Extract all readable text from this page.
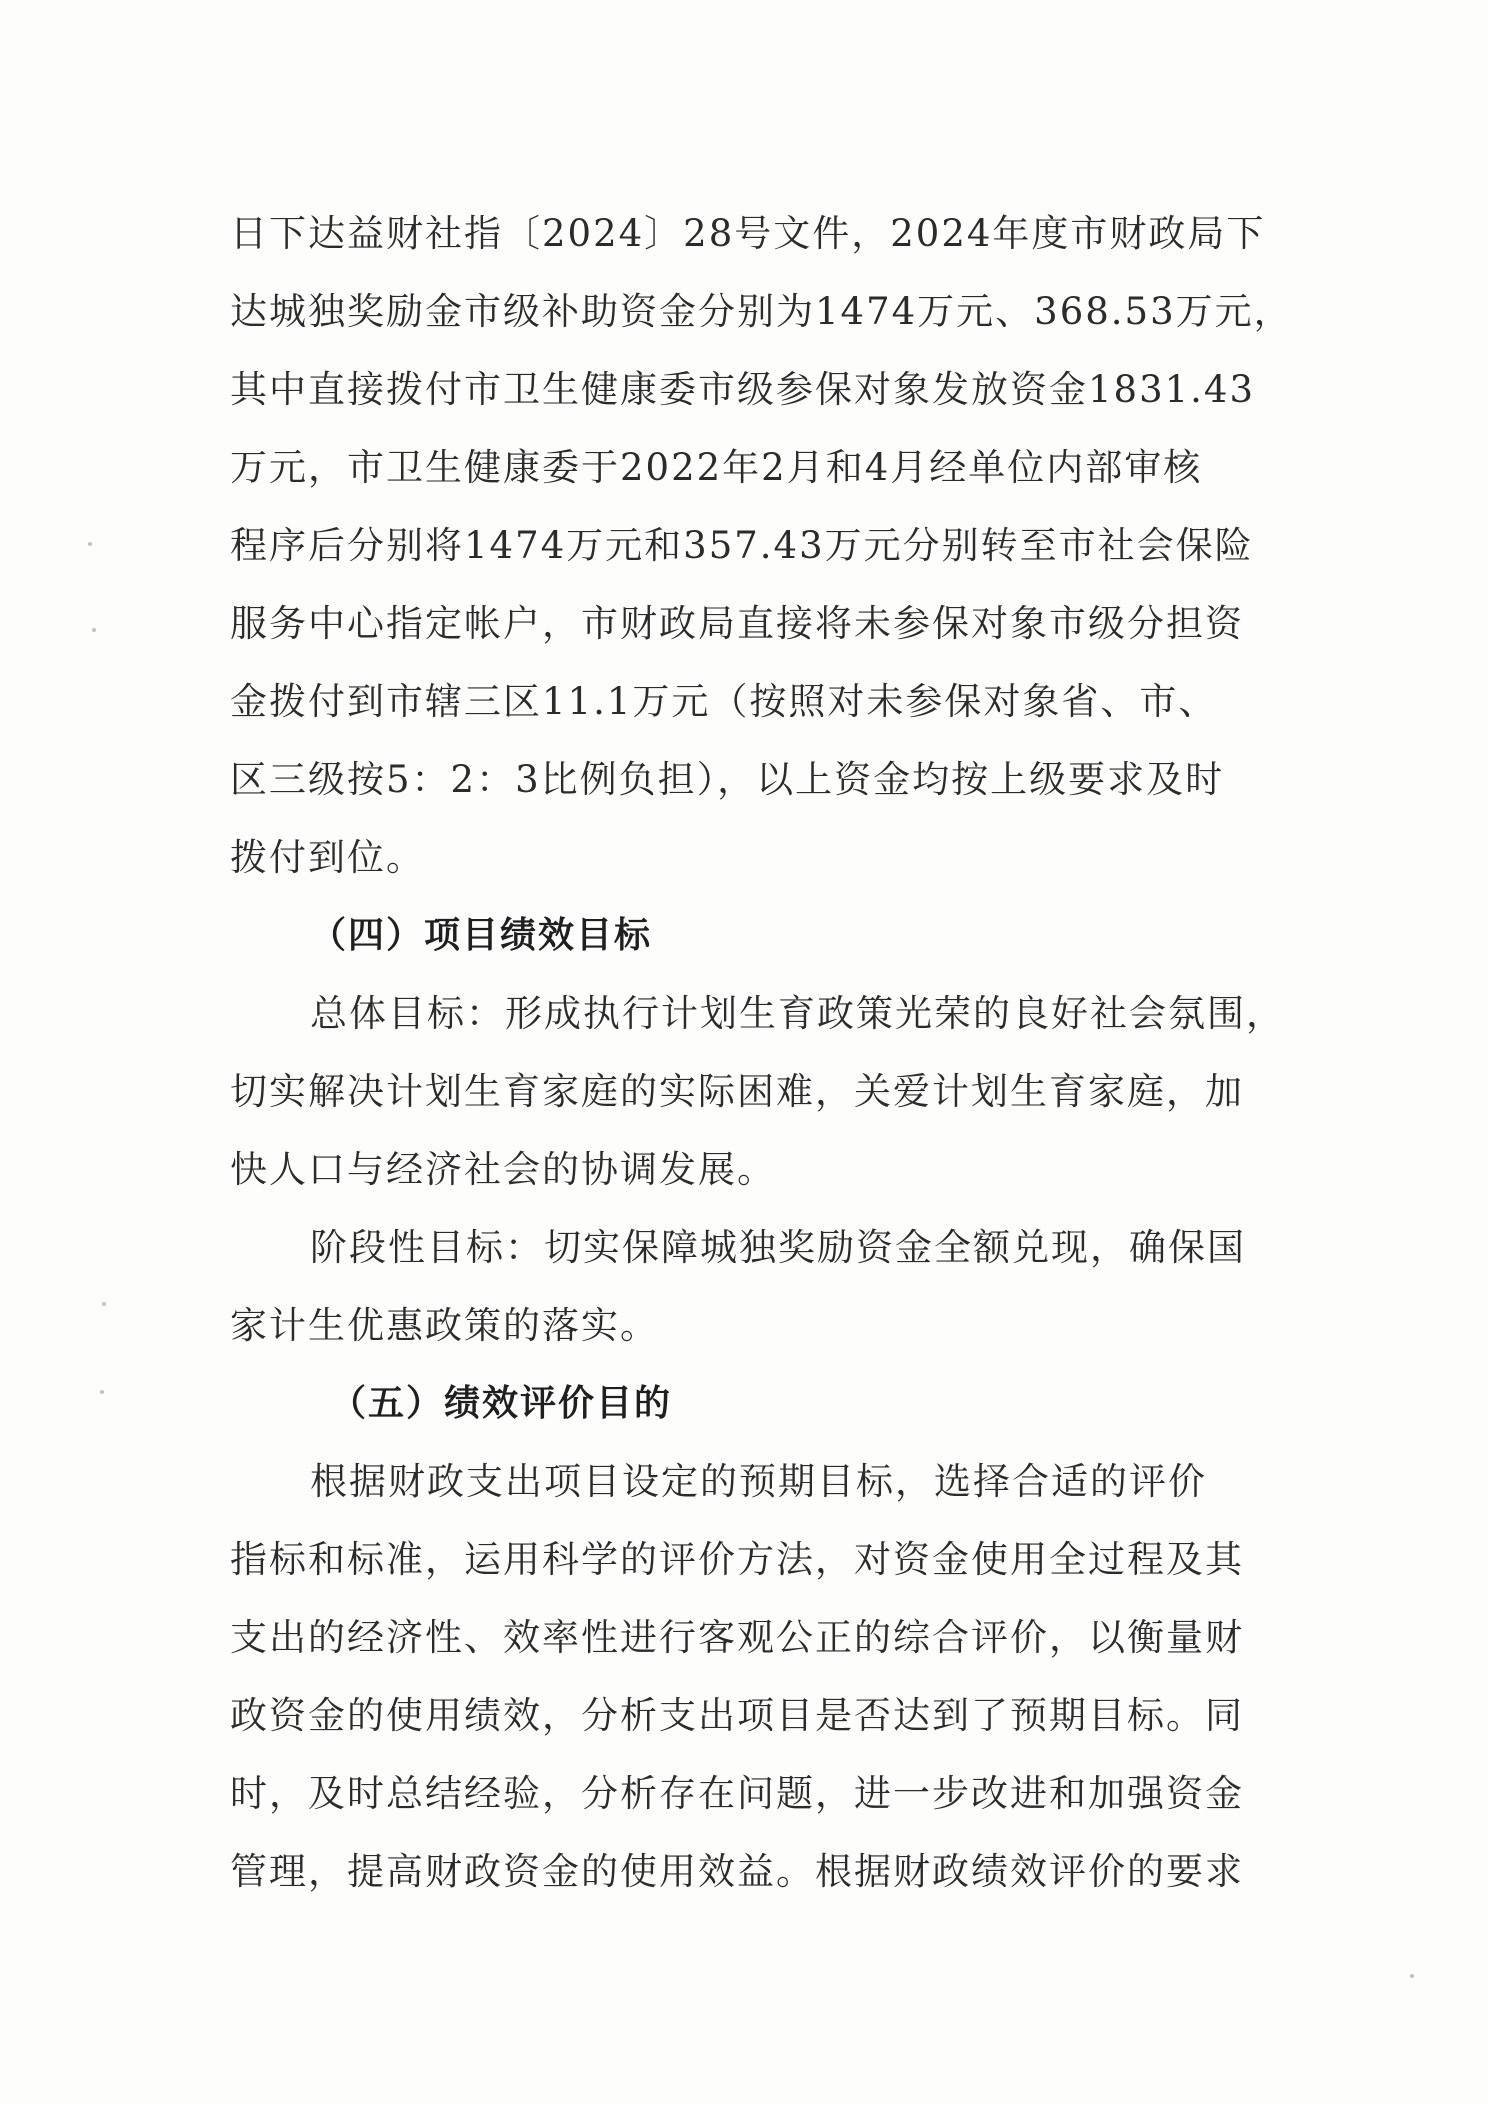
日下达益财社指〔2024〕28号文件，2024年度市财政局下
达城独奖励金市级补助资金分别为1474万元、368.53万元，
其中直接拨付市卫生健康委市级参保对象发放资金1831.43
万元，市卫生健康委于2022年2月和4月经单位内部审核
程序后分别将1474万元和357.43万元分别转至市社会保险
服务中心指定帐户，市财政局直接将未参保对象市级分担资
金拨付到市辖三区11.1万元（按照对未参保对象省、市、
区三级按5：2：3比例负担），以上资金均按上级要求及时
拨付到位。
（四）项目绩效目标
总体目标：形成执行计划生育政策光荣的良好社会氛围，
切实解决计划生育家庭的实际困难，关爱计划生育家庭，加
快人口与经济社会的协调发展。
阶段性目标：切实保障城独奖励资金全额兑现，确保国
家计生优惠政策的落实。
（五）绩效评价目的
根据财政支出项目设定的预期目标，选择合适的评价
指标和标准，运用科学的评价方法，对资金使用全过程及其
支出的经济性、效率性进行客观公正的综合评价，以衡量财
政资金的使用绩效，分析支出项目是否达到了预期目标。同
时，及时总结经验，分析存在问题，进一步改进和加强资金
管理，提高财政资金的使用效益。根据财政绩效评价的要求
